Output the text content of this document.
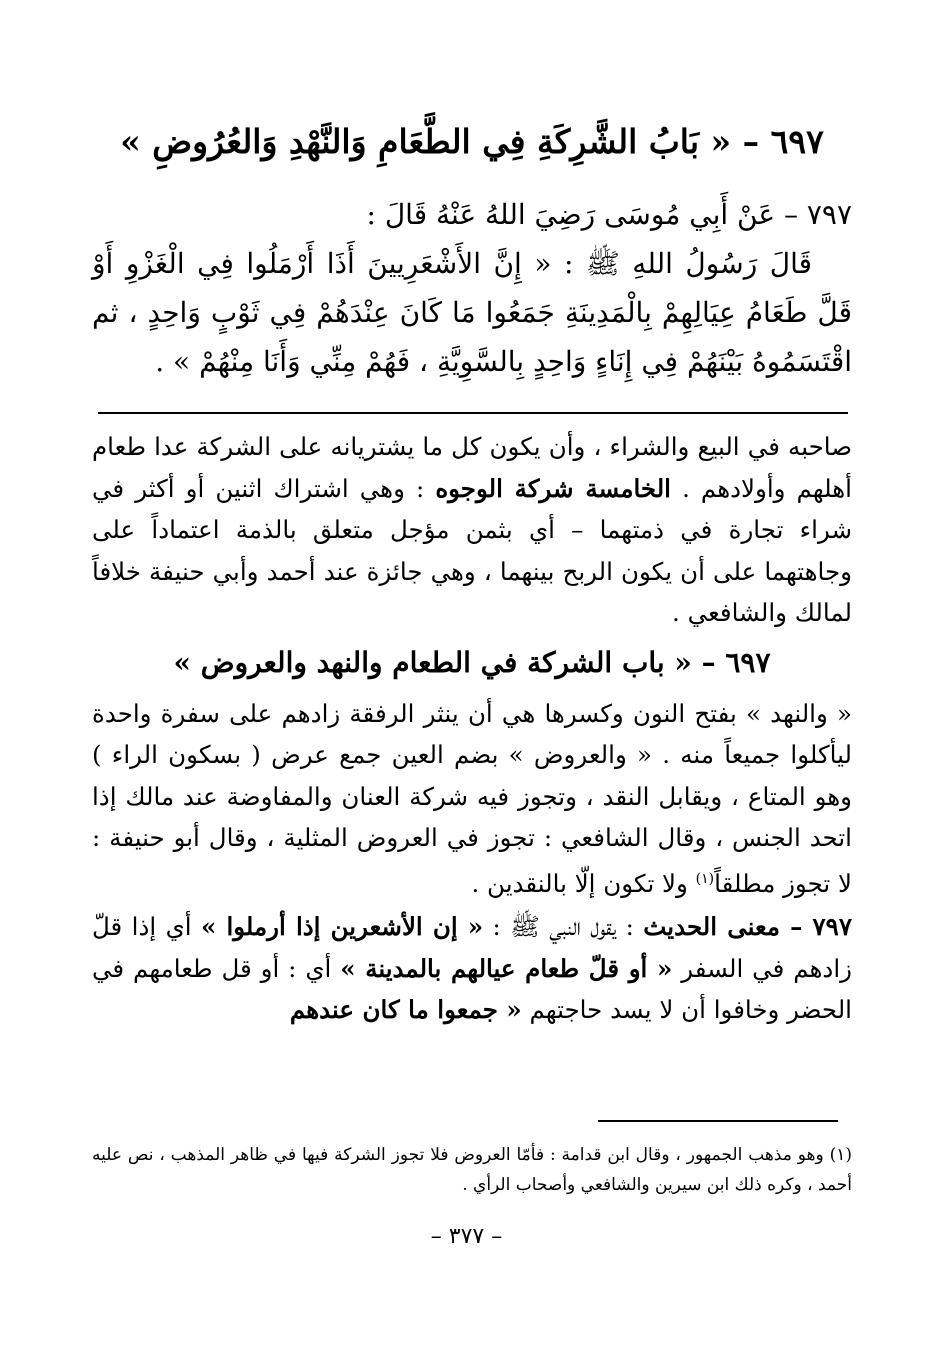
٦٩٧ – « بَابُ الشَّرِكَةِ فِي الطَّعَامِ وَالنَّهْدِ وَالعُرُوضِ »

٧٩٧ – عَنْ أَبِي مُوسَى رَضِيَ اللهُ عَنْهُ قَالَ :

قَالَ رَسُولُ اللهِ ﷺ : « إِنَّ الأَشْعَرِيينَ أَذَا أَرْمَلُوا فِي الْغَزْوِ أَوْ قَلَّ طَعَامُ عِيَالِهِمْ بِالْمَدِينَةِ جَمَعُوا مَا كَانَ عِنْدَهُمْ فِي ثَوْبٍ وَاحِدٍ ، ثم اقْتَسَمُوهُ بَيْنَهُمْ فِي إِنَاءٍ وَاحِدٍ بِالسَّوِيَّةِ ، فَهُمْ مِنِّي وَأَنَا مِنْهُمْ » .

صاحبه في البيع والشراء ، وأن يكون كل ما يشتريانه على الشركة عدا طعام أهلهم وأولادهم . الخامسة شركة الوجوه : وهي اشتراك اثنين أو أكثر في شراء تجارة في ذمتهما – أي بثمن مؤجل متعلق بالذمة اعتماداً على وجاهتهما على أن يكون الربح بينهما ، وهي جائزة عند أحمد وأبي حنيفة خلافاً لمالك والشافعي .

٦٩٧ – « باب الشركة في الطعام والنهد والعروض »

« والنهد » بفتح النون وكسرها هي أن ينثر الرفقة زادهم على سفرة واحدة ليأكلوا جميعاً منه . « والعروض » بضم العين جمع عرض ( بسكون الراء ) وهو المتاع ، ويقابل النقد ، وتجوز فيه شركة العنان والمفاوضة عند مالك إذا اتحد الجنس ، وقال الشافعي : تجوز في العروض المثلية ، وقال أبو حنيفة : لا تجوز مطلقاً$^{(١)}$ ولا تكون إلّا بالنقدين .

٧٩٧ – معنى الحديث : يقول النبي ﷺ : « إن الأشعرين إذا أرملوا » أي إذا قلّ زادهم في السفر « أو قلّ طعام عيالهم بالمدينة » أي : أو قل طعامهم في الحضر وخافوا أن لا يسد حاجتهم « جمعوا ما كان عندهم

(١) وهو مذهب الجمهور ، وقال ابن قدامة : فأمّا العروض فلا تجوز الشركة فيها في ظاهر المذهب ، نص عليه أحمد ، وكره ذلك ابن سيرين والشافعي وأصحاب الرأي .

– ٣٧٧ –
